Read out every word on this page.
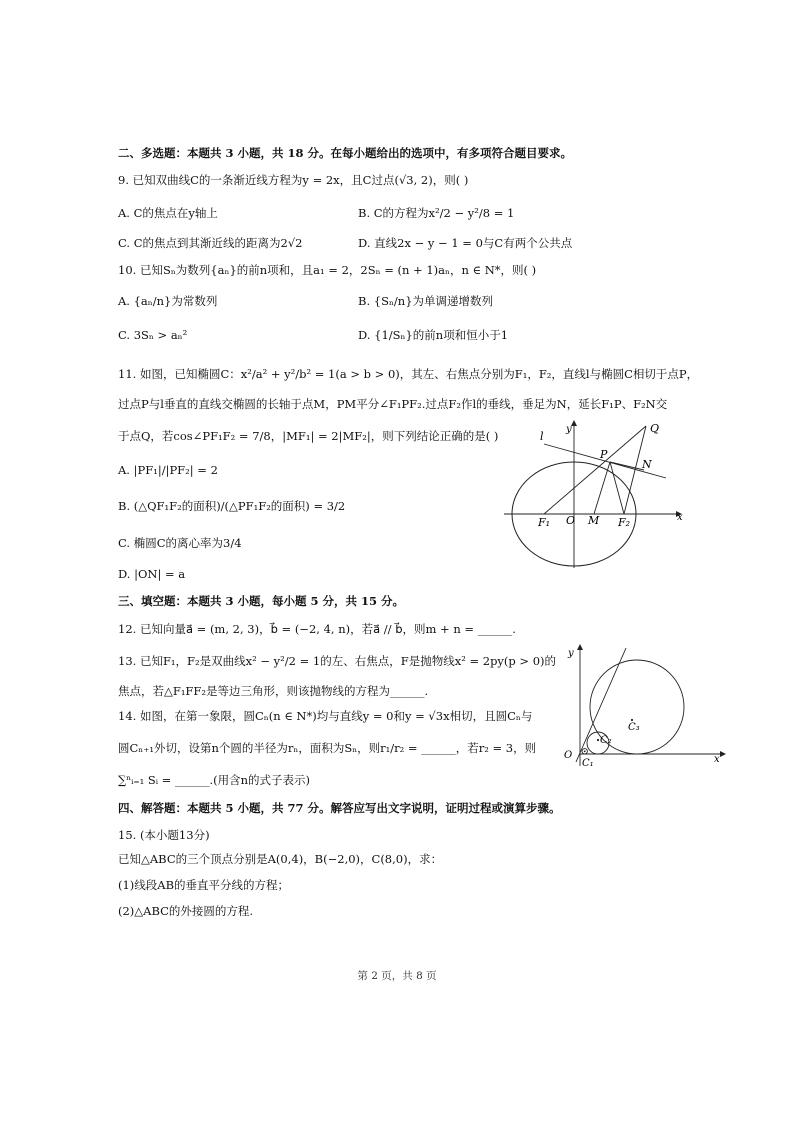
二、多选题：本题共 3 小题，共 18 分。在每小题给出的选项中，有多项符合题目要求。
9. 已知双曲线C的一条渐近线方程为y = 2x，且C过点(√3, 2)，则( )
A. C的焦点在y轴上	B. C的方程为x²/2 − y²/8 = 1
C. C的焦点到其渐近线的距离为2√2	D. 直线2x − y − 1 = 0与C有两个公共点
10. 已知Sₙ为数列{aₙ}的前n项和，且a₁ = 2，2Sₙ = (n + 1)aₙ，n ∈ N*，则( )
A. {aₙ/n}为常数列	B. {Sₙ/n}为单调递增数列
C. 3Sₙ > aₙ²	D. {1/Sₙ}的前n项和恒小于1
11. 如图，已知椭圆C：x²/a² + y²/b² = 1(a > b > 0)，其左、右焦点分别为F₁，F₂，直线l与椭圆C相切于点P，
过点P与l垂直的直线交椭圆的长轴于点M，PM平分∠F₁PF₂.过点F₂作l的垂线，垂足为N，延长F₁P、F₂N交
于点Q，若cos∠PF₁F₂ = 7/8，|MF₁| = 2|MF₂|，则下列结论正确的是( )
A. |PF₁|/|PF₂| = 2
B. (△QF₁F₂的面积)/(△PF₁F₂的面积) = 3/2
C. 椭圆C的离心率为3/4
D. |ON| = a
l
y	Q
P
N
F₁ O M F₂	x
三、填空题：本题共 3 小题，每小题 5 分，共 15 分。
12. 已知向量a⃗ = (m, 2, 3)，b⃗ = (−2, 4, n)，若a⃗ // b⃗，则m + n = ______.
13. 已知F₁，F₂是双曲线x² − y²/2 = 1的左、右焦点，F是抛物线x² = 2py(p > 0)的
焦点，若△F₁FF₂是等边三角形，则该抛物线的方程为______.
14. 如图，在第一象限，圆Cₙ(n ∈ N*)均与直线y = 0和y = √3x相切，且圆Cₙ与
圆Cₙ₊₁外切，设第n个圆的半径为rₙ，面积为Sₙ，则r₁/r₂ = ______，若r₂ = 3，则
∑ⁿᵢ₌₁ Sᵢ = ______.(用含n的式子表示)
y
C₃
C₂
O
C₁	x
四、解答题：本题共 5 小题，共 77 分。解答应写出文字说明，证明过程或演算步骤。
15. (本小题13分)
已知△ABC的三个顶点分别是A(0,4)，B(−2,0)，C(8,0)，求：
(1)线段AB的垂直平分线的方程；
(2)△ABC的外接圆的方程.
第 2 页，共 8 页
